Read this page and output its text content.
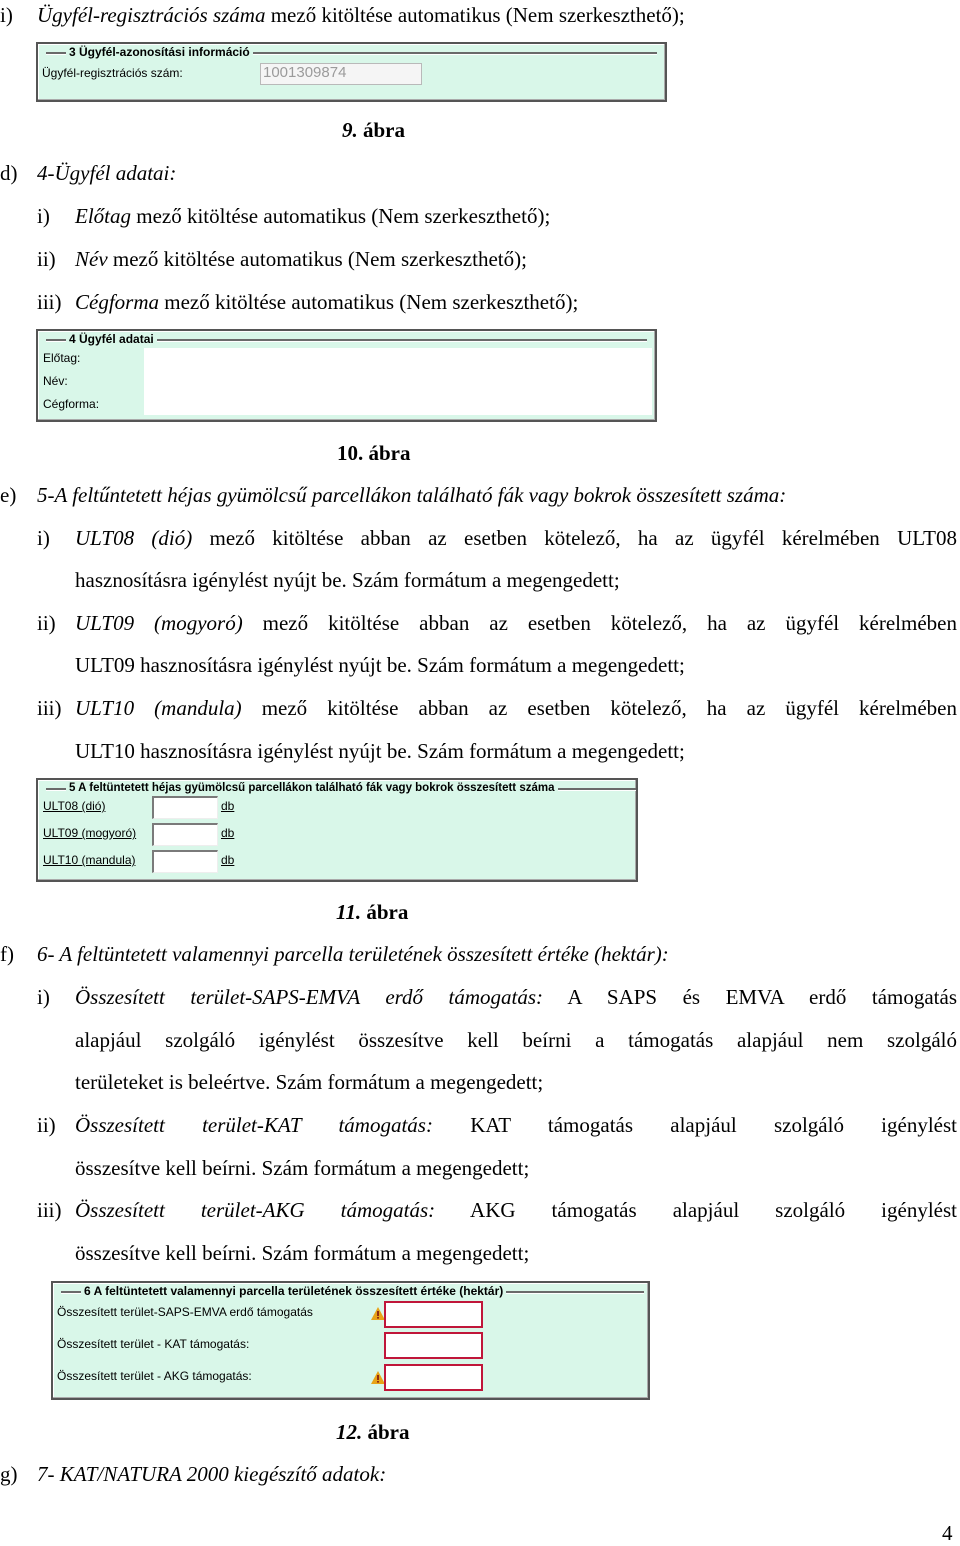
i) Ügyfél-regisztrációs száma mező kitöltése automatikus (Nem szerkeszthető);
3 Ügyfél-azonosítási információ
Ügyfél-regisztrációs szám:	1001309874
9. ábra
d) 4-Ügyfél adatai:
i) Előtag mező kitöltése automatikus (Nem szerkeszthető);
ii) Név mező kitöltése automatikus (Nem szerkeszthető);
iii) Cégforma mező kitöltése automatikus (Nem szerkeszthető);
4 Ügyfél adatai
Előtag:
Név:
Cégforma:
10. ábra
e) 5-A feltűntetett héjas gyümölcsű parcellákon található fák vagy bokrok összesített száma:
i) ULT08 (dió) mező kitöltése abban az esetben kötelező, ha az ügyfél kérelmében ULT08
hasznosításra igénylést nyújt be. Szám formátum a megengedett;
ii) ULT09 (mogyoró) mező kitöltése abban az esetben kötelező, ha az ügyfél kérelmében
ULT09 hasznosításra igénylést nyújt be. Szám formátum a megengedett;
iii) ULT10 (mandula) mező kitöltése abban az esetben kötelező, ha az ügyfél kérelmében
ULT10 hasznosításra igénylést nyújt be. Szám formátum a megengedett;
5 A feltüntetett héjas gyümölcsű parcellákon található fák vagy bokrok összesített száma
ULT08 (dió)	db
ULT09 (mogyoró)	db
ULT10 (mandula)	db
11. ábra
f) 6- A feltüntetett valamennyi parcella területének összesített értéke (hektár):
i) Összesített terület-SAPS-EMVA erdő támogatás: A SAPS és EMVA erdő támogatás
alapjául szolgáló igénylést összesítve kell beírni a támogatás alapjául nem szolgáló
területeket is beleértve. Szám formátum a megengedett;
ii) Összesített terület-KAT támogatás: KAT támogatás alapjául szolgáló igénylést
összesítve kell beírni. Szám formátum a megengedett;
iii) Összesített terület-AKG támogatás: AKG támogatás alapjául szolgáló igénylést
összesítve kell beírni. Szám formátum a megengedett;
6 A feltüntetett valamennyi parcella területének összesített értéke (hektár)
Összesített terület-SAPS-EMVA erdő támogatás
Összesített terület - KAT támogatás:
Összesített terület - AKG támogatás:
12. ábra
g) 7- KAT/NATURA 2000 kiegészítő adatok:
4
